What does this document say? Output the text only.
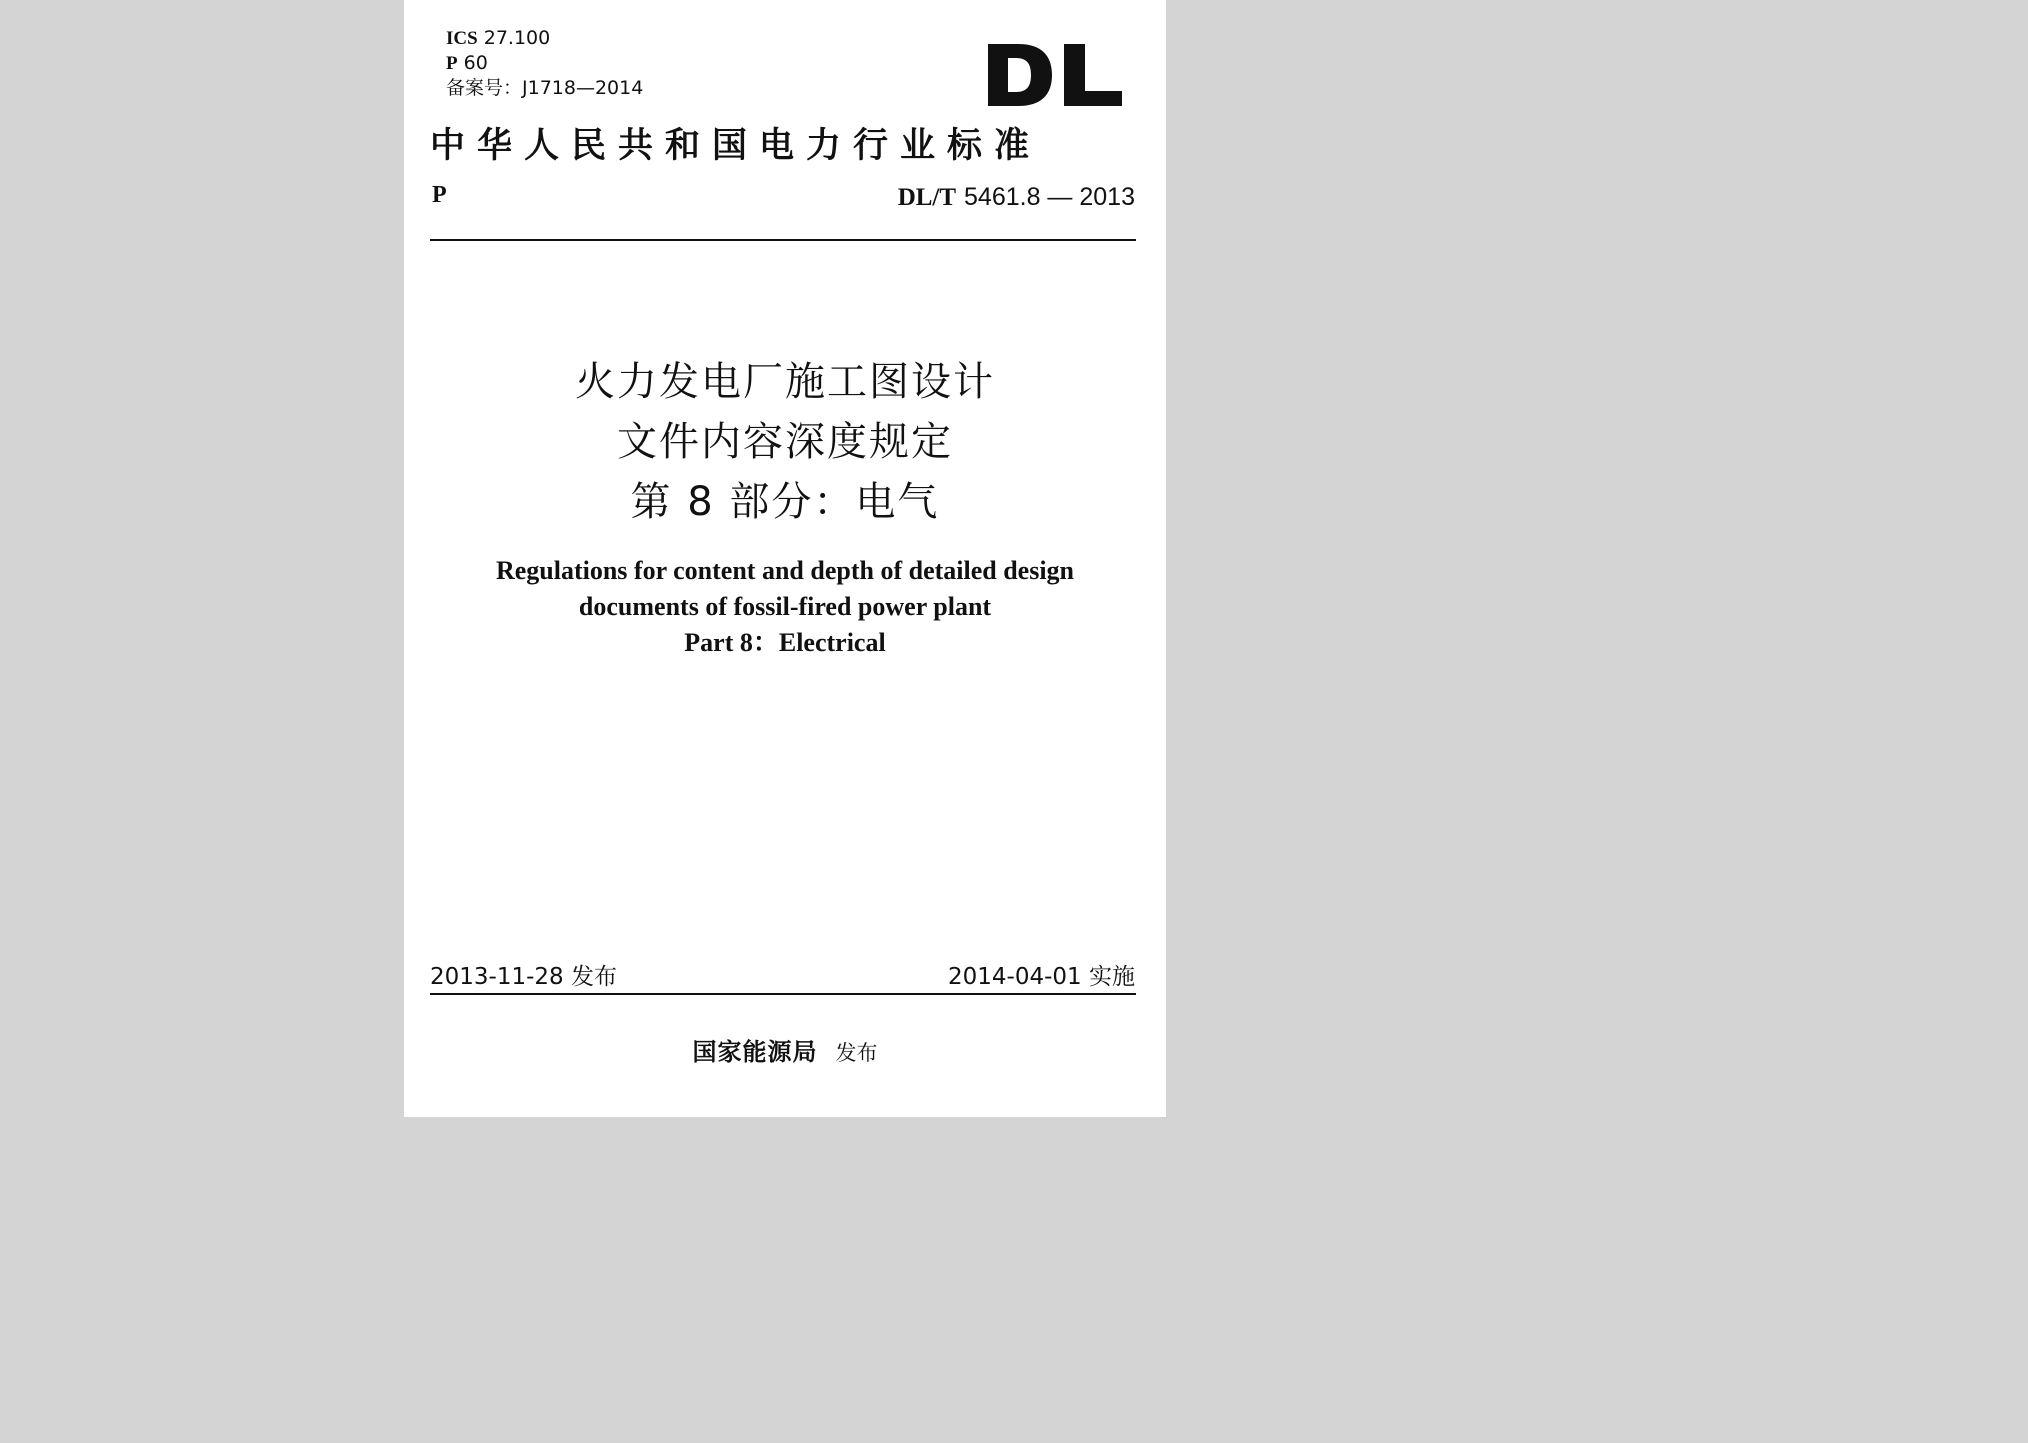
ICS 27.100
P 60
备案号：J1718—2014
中华人民共和国电力行业标准
P	DL/T 5461.8 — 2013
火力发电厂施工图设计
文件内容深度规定
第 8 部分：电气
Regulations for content and depth of detailed design
documents of fossil-fired power plant
Part 8：Electrical
2013-11-28 发布	2014-04-01 实施
国家能源局 发布
